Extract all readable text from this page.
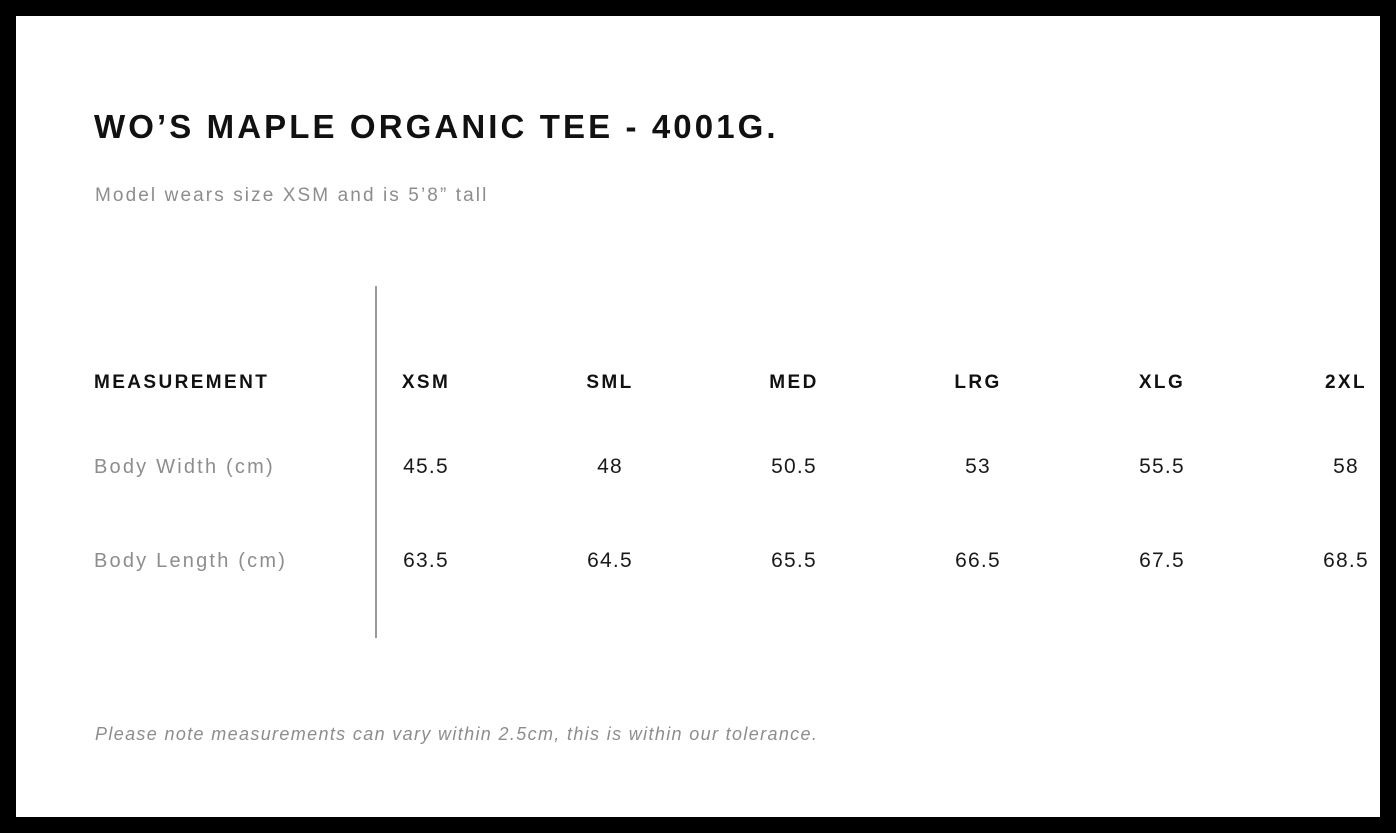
WO’S MAPLE ORGANIC TEE - 4001G.
Model wears size XSM and is 5’8” tall
MEASUREMENT	XSM		SML		MED		LRG		XLG		2XL
Body Width (cm)	45.5		48		50.5		53		55.5		58
Body Length (cm)	63.5		64.5		65.5		66.5		67.5		68.5
Please note measurements can vary within 2.5cm, this is within our tolerance.
